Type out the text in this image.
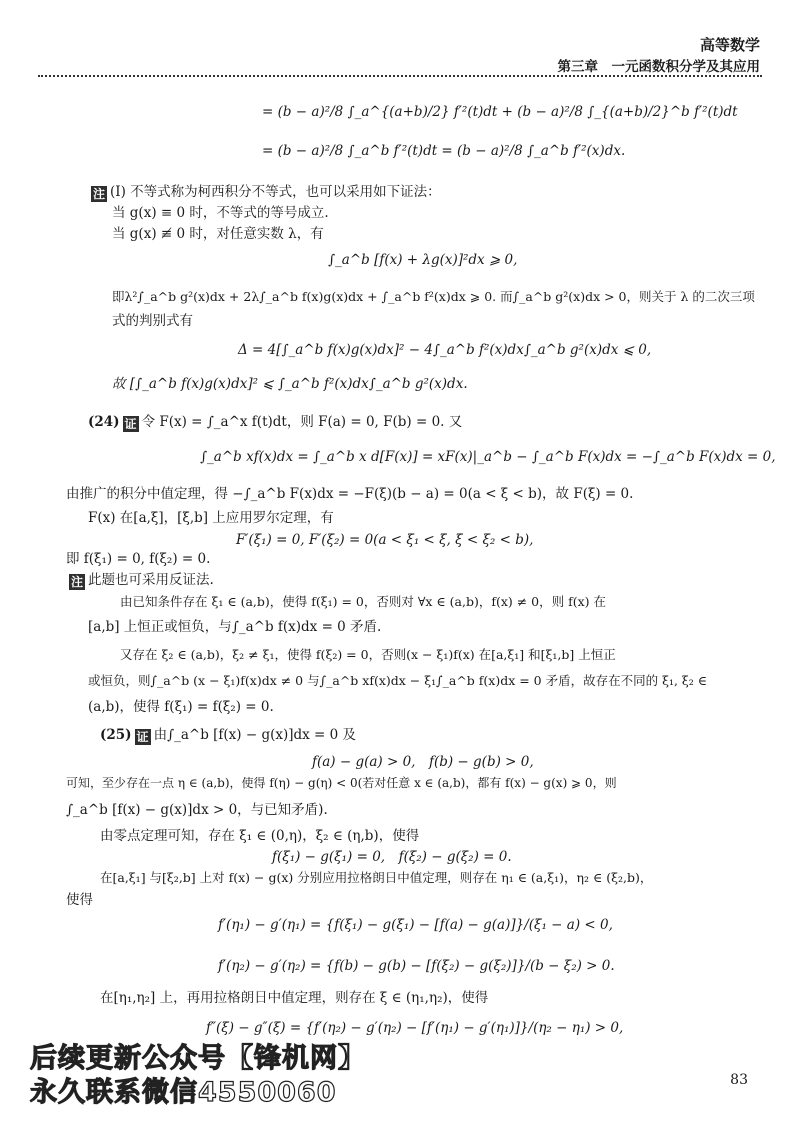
高等数学
第三章　一元函数积分学及其应用
= (b − a)²/8 ∫_a^{(a+b)/2} f′²(t)dt + (b − a)²/8 ∫_{(a+b)/2}^b f′²(t)dt
= (b − a)²/8 ∫_a^b f′²(t)dt = (b − a)²/8 ∫_a^b f′²(x)dx.
注 (Ⅰ) 不等式称为柯西积分不等式，也可以采用如下证法：
当 g(x) ≡ 0 时，不等式的等号成立.
当 g(x) ≢ 0 时，对任意实数 λ，有
∫_a^b [f(x) + λg(x)]²dx ⩾ 0,
即λ²∫_a^b g²(x)dx + 2λ∫_a^b f(x)g(x)dx + ∫_a^b f²(x)dx ⩾ 0. 而∫_a^b g²(x)dx > 0，则关于 λ 的二次三项
式的判别式有
Δ = 4[∫_a^b f(x)g(x)dx]² − 4∫_a^b f²(x)dx∫_a^b g²(x)dx ⩽ 0,
故 [∫_a^b f(x)g(x)dx]² ⩽ ∫_a^b f²(x)dx∫_a^b g²(x)dx.
(24) 证 令 F(x) = ∫_a^x f(t)dt，则 F(a) = 0, F(b) = 0. 又
∫_a^b xf(x)dx = ∫_a^b x d[F(x)] = xF(x)|_a^b − ∫_a^b F(x)dx = −∫_a^b F(x)dx = 0,
由推广的积分中值定理，得 −∫_a^b F(x)dx = −F(ξ)(b − a) = 0(a < ξ < b)，故 F(ξ) = 0.
F(x) 在[a,ξ]，[ξ,b] 上应用罗尔定理，有
F′(ξ₁) = 0, F′(ξ₂) = 0(a < ξ₁ < ξ, ξ < ξ₂ < b),
即 f(ξ₁) = 0, f(ξ₂) = 0.
注 此题也可采用反证法.
由已知条件存在 ξ₁ ∈ (a,b)，使得 f(ξ₁) = 0，否则对 ∀x ∈ (a,b)，f(x) ≠ 0，则 f(x) 在
[a,b] 上恒正或恒负，与∫_a^b f(x)dx = 0 矛盾.
又存在 ξ₂ ∈ (a,b)，ξ₂ ≠ ξ₁，使得 f(ξ₂) = 0，否则(x − ξ₁)f(x) 在[a,ξ₁] 和[ξ₁,b] 上恒正
或恒负，则∫_a^b (x − ξ₁)f(x)dx ≠ 0 与∫_a^b xf(x)dx − ξ₁∫_a^b f(x)dx = 0 矛盾，故存在不同的 ξ₁, ξ₂ ∈
(a,b)，使得 f(ξ₁) = f(ξ₂) = 0.
(25) 证 由∫_a^b [f(x) − g(x)]dx = 0 及
f(a) − g(a) > 0,　f(b) − g(b) > 0,
可知，至少存在一点 η ∈ (a,b)，使得 f(η) − g(η) < 0(若对任意 x ∈ (a,b)，都有 f(x) − g(x) ⩾ 0，则
∫_a^b [f(x) − g(x)]dx > 0，与已知矛盾).
由零点定理可知，存在 ξ₁ ∈ (0,η)，ξ₂ ∈ (η,b)，使得
f(ξ₁) − g(ξ₁) = 0,　f(ξ₂) − g(ξ₂) = 0.
在[a,ξ₁] 与[ξ₂,b] 上对 f(x) − g(x) 分别应用拉格朗日中值定理，则存在 η₁ ∈ (a,ξ₁)，η₂ ∈ (ξ₂,b)，
使得
f′(η₁) − g′(η₁) = {f(ξ₁) − g(ξ₁) − [f(a) − g(a)]}/(ξ₁ − a) < 0,
f′(η₂) − g′(η₂) = {f(b) − g(b) − [f(ξ₂) − g(ξ₂)]}/(b − ξ₂) > 0.
在[η₁,η₂] 上，再用拉格朗日中值定理，则存在 ξ ∈ (η₁,η₂)，使得
f″(ξ) − g″(ξ) = {f′(η₂) − g′(η₂) − [f′(η₁) − g′(η₁)]}/(η₂ − η₁) > 0,
后续更新公众号【锋机网】
永久联系微信4550060	83
